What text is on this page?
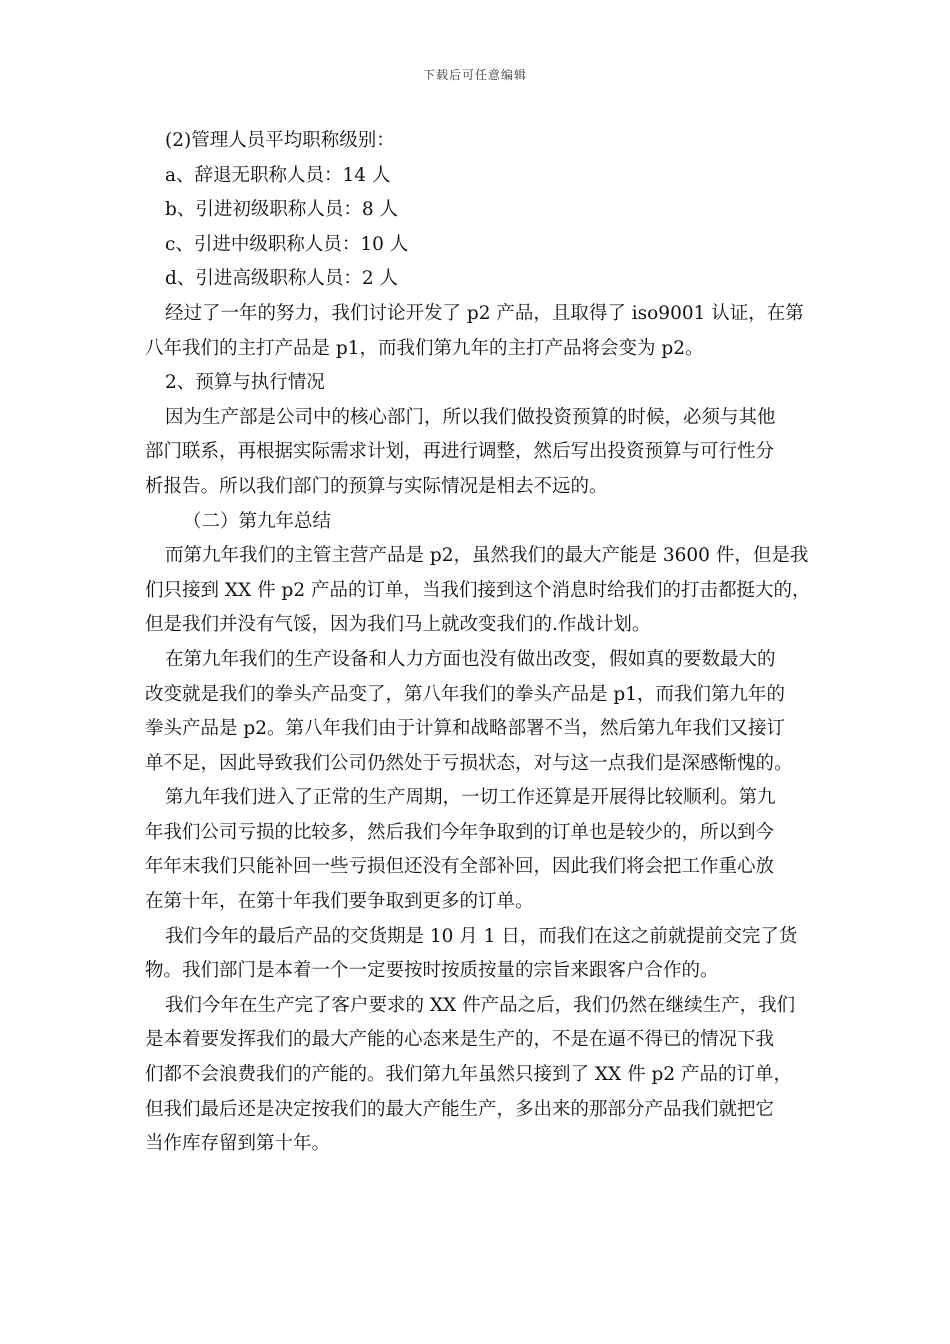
下载后可任意编辑
(2)管理人员平均职称级别：
a、辞退无职称人员：14 人
b、引进初级职称人员：8 人
c、引进中级职称人员：10 人
d、引进高级职称人员：2 人
经过了一年的努力，我们讨论开发了 p2 产品，且取得了 iso9001 认证，在第
八年我们的主打产品是 p1，而我们第九年的主打产品将会变为 p2。
2、预算与执行情况
因为生产部是公司中的核心部门，所以我们做投资预算的时候，必须与其他
部门联系，再根据实际需求计划，再进行调整，然后写出投资预算与可行性分
析报告。所以我们部门的预算与实际情况是相去不远的。
（二）第九年总结
而第九年我们的主管主营产品是 p2，虽然我们的最大产能是 3600 件，但是我
们只接到 XX 件 p2 产品的订单，当我们接到这个消息时给我们的打击都挺大的，
但是我们并没有气馁，因为我们马上就改变我们的.作战计划。
在第九年我们的生产设备和人力方面也没有做出改变，假如真的要数最大的
改变就是我们的拳头产品变了，第八年我们的拳头产品是 p1，而我们第九年的
拳头产品是 p2。第八年我们由于计算和战略部署不当，然后第九年我们又接订
单不足，因此导致我们公司仍然处于亏损状态，对与这一点我们是深感惭愧的。
第九年我们进入了正常的生产周期，一切工作还算是开展得比较顺利。第九
年我们公司亏损的比较多，然后我们今年争取到的订单也是较少的，所以到今
年年末我们只能补回一些亏损但还没有全部补回，因此我们将会把工作重心放
在第十年，在第十年我们要争取到更多的订单。
我们今年的最后产品的交货期是 10 月 1 日，而我们在这之前就提前交完了货
物。我们部门是本着一个一定要按时按质按量的宗旨来跟客户合作的。
我们今年在生产完了客户要求的 XX 件产品之后，我们仍然在继续生产，我们
是本着要发挥我们的最大产能的心态来是生产的，不是在逼不得已的情况下我
们都不会浪费我们的产能的。我们第九年虽然只接到了 XX 件 p2 产品的订单，
但我们最后还是决定按我们的最大产能生产，多出来的那部分产品我们就把它
当作库存留到第十年。
